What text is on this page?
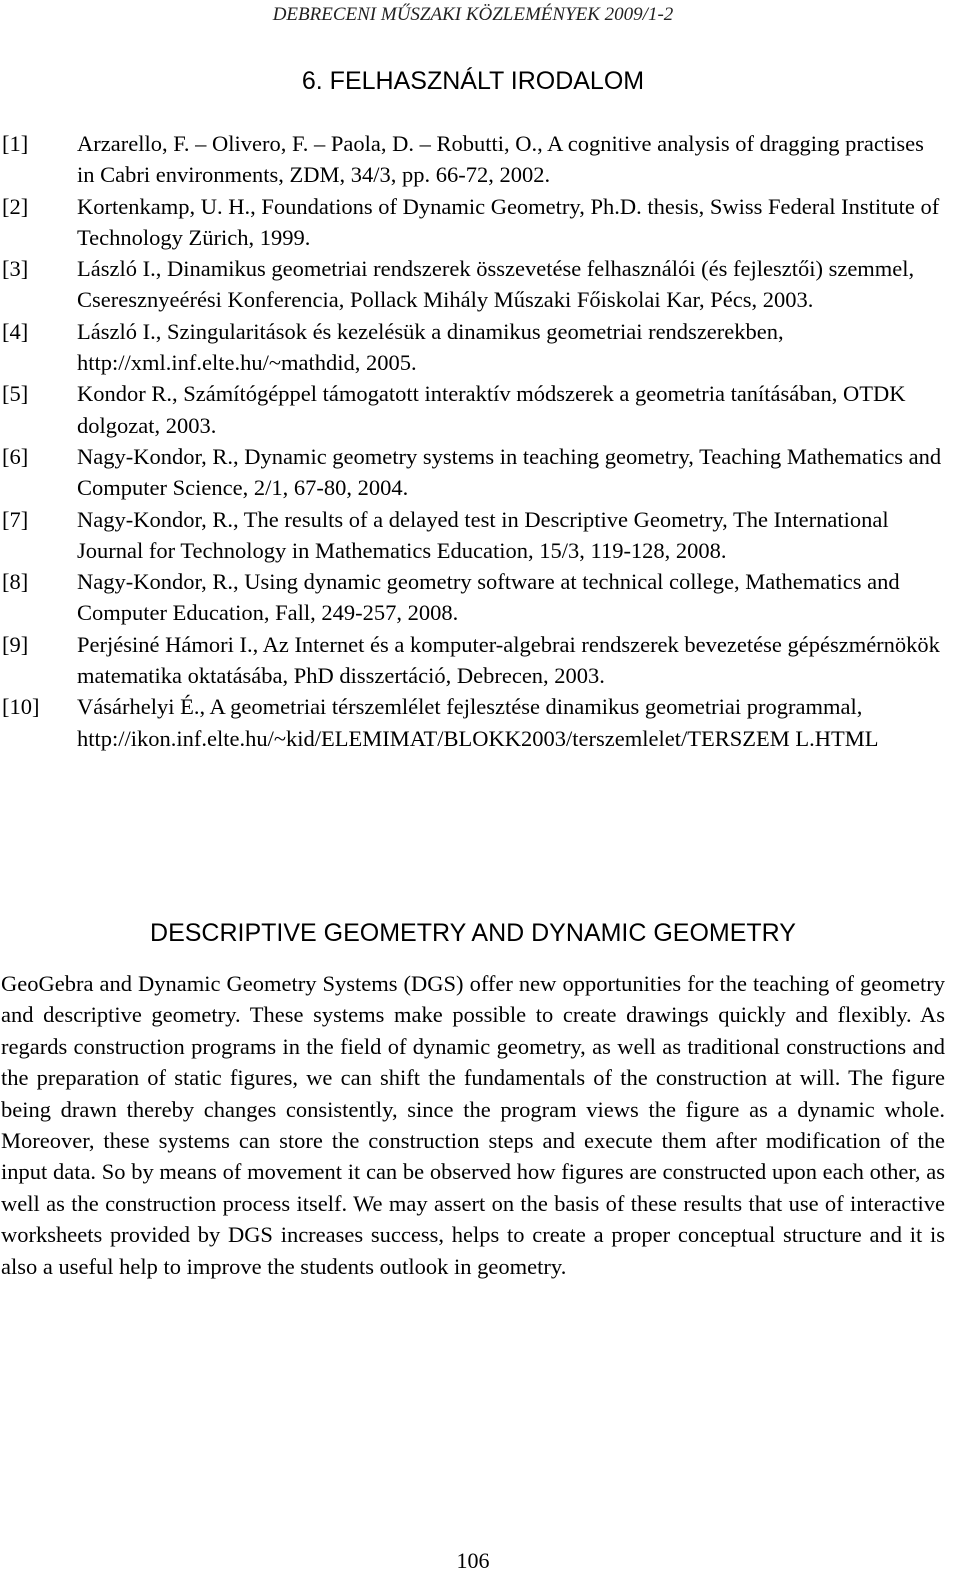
DEBRECENI MŰSZAKI KÖZLEMÉNYEK 2009/1-2
6. FELHASZNÁLT IRODALOM
[1] Arzarello, F. – Olivero, F. – Paola, D. – Robutti, O., A cognitive analysis of dragging practises in Cabri environments, ZDM, 34/3, pp. 66-72, 2002.
[2] Kortenkamp, U. H., Foundations of Dynamic Geometry, Ph.D. thesis, Swiss Federal Institute of Technology Zürich, 1999.
[3] László I., Dinamikus geometriai rendszerek összevetése felhasználói (és fejlesztői) szemmel, Cseresznyeérési Konferencia, Pollack Mihály Műszaki Főiskolai Kar, Pécs, 2003.
[4] László I., Szingularitások és kezelésük a dinamikus geometriai rendszerekben, http://xml.inf.elte.hu/~mathdid, 2005.
[5] Kondor R., Számítógéppel támogatott interaktív módszerek a geometria tanításában, OTDK dolgozat, 2003.
[6] Nagy-Kondor, R., Dynamic geometry systems in teaching geometry, Teaching Mathematics and Computer Science, 2/1, 67-80, 2004.
[7] Nagy-Kondor, R., The results of a delayed test in Descriptive Geometry, The International Journal for Technology in Mathematics Education, 15/3, 119-128, 2008.
[8] Nagy-Kondor, R., Using dynamic geometry software at technical college, Mathematics and Computer Education, Fall, 249-257, 2008.
[9] Perjésiné Hámori I., Az Internet és a komputer-algebrai rendszerek bevezetése gépészmérnökök matematika oktatásába, PhD disszertáció, Debrecen, 2003.
[10] Vásárhelyi É., A geometriai térszemlélet fejlesztése dinamikus geometriai programmal, http://ikon.inf.elte.hu/~kid/ELEMIMAT/BLOKK2003/terszemlelet/TERSZEM L.HTML
DESCRIPTIVE GEOMETRY AND DYNAMIC GEOMETRY

GeoGebra and Dynamic Geometry Systems (DGS) offer new opportunities for the teaching of geometry and descriptive geometry. These systems make possible to create drawings quickly and flexibly. As regards construction programs in the field of dynamic geometry, as well as traditional constructions and the preparation of static figures, we can shift the fundamentals of the construction at will. The figure being drawn thereby changes consistently, since the program views the figure as a dynamic whole. Moreover, these systems can store the construction steps and execute them after modification of the input data. So by means of movement it can be observed how figures are constructed upon each other, as well as the construction process itself. We may assert on the basis of these results that use of interactive worksheets provided by DGS increases success, helps to create a proper conceptual structure and it is also a useful help to improve the students outlook in geometry.

106
